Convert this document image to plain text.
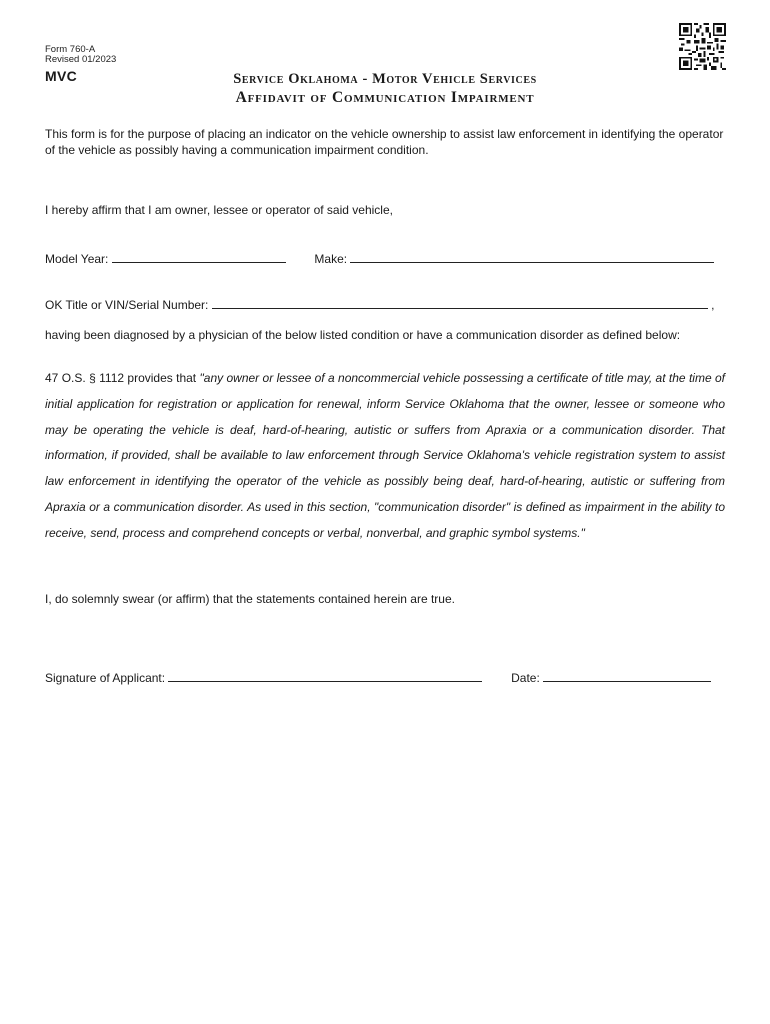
Form 760-A
Revised 01/2023
MVC	Service Oklahoma - Motor Vehicle Services
Affidavit of Communication Impairment
This form is for the purpose of placing an indicator on the vehicle ownership to assist law enforcement in identifying the operator of the vehicle as possibly having a communication impairment condition.
I hereby affirm that I am owner, lessee or operator of said vehicle,
Model Year:	Make:
OK Title or VIN/Serial Number:	,
having been diagnosed by a physician of the below listed condition or have a communication disorder as defined below:
47 O.S. § 1112 provides that "any owner or lessee of a noncommercial vehicle possessing a certificate of title may, at the time of initial application for registration or application for renewal, inform Service Oklahoma that the owner, lessee or someone who may be operating the vehicle is deaf, hard-of-hearing, autistic or suffers from Apraxia or a communication disorder. That information, if provided, shall be available to law enforcement through Service Oklahoma's vehicle registration system to assist law enforcement in identifying the operator of the vehicle as possibly being deaf, hard-of-hearing, autistic or suffering from Apraxia or a communication disorder. As used in this section, "communication disorder" is defined as impairment in the ability to receive, send, process and comprehend concepts or verbal, nonverbal, and graphic symbol systems."
I, do solemnly swear (or affirm) that the statements contained herein are true.
Signature of Applicant:	Date:
